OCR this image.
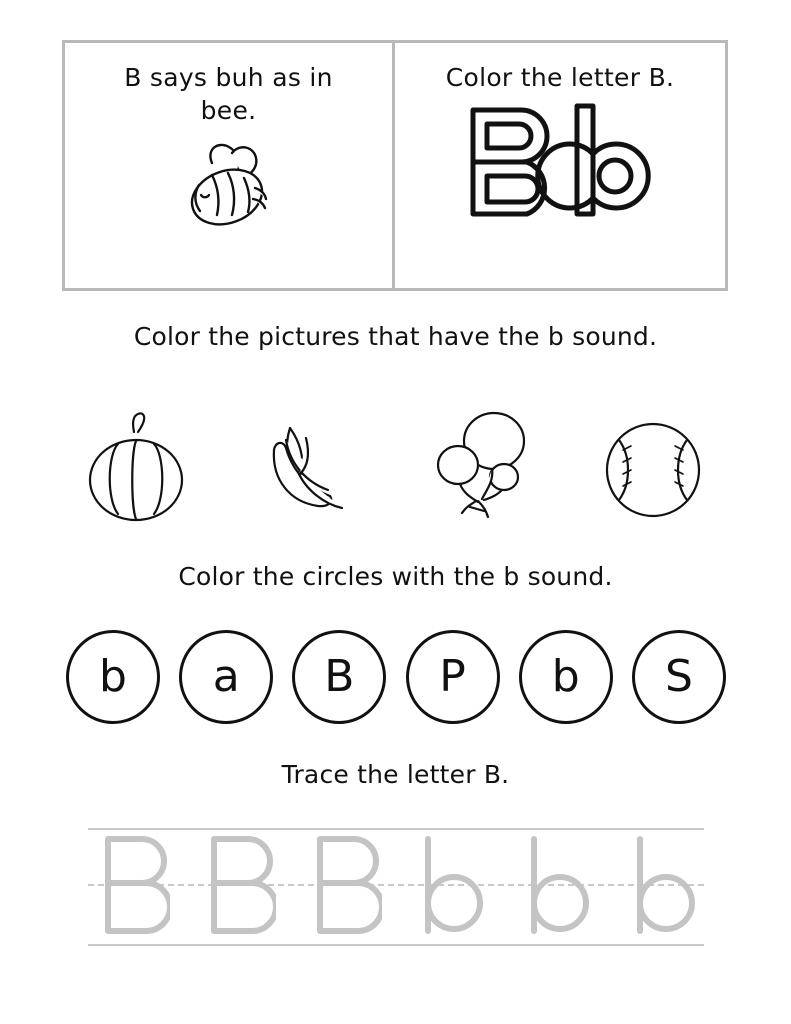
B says buh as in bee.
Color the letter B.
Color the pictures that have the b sound.
Color the circles with the b sound.
b	a	B	P	b	S
Trace the letter B.
